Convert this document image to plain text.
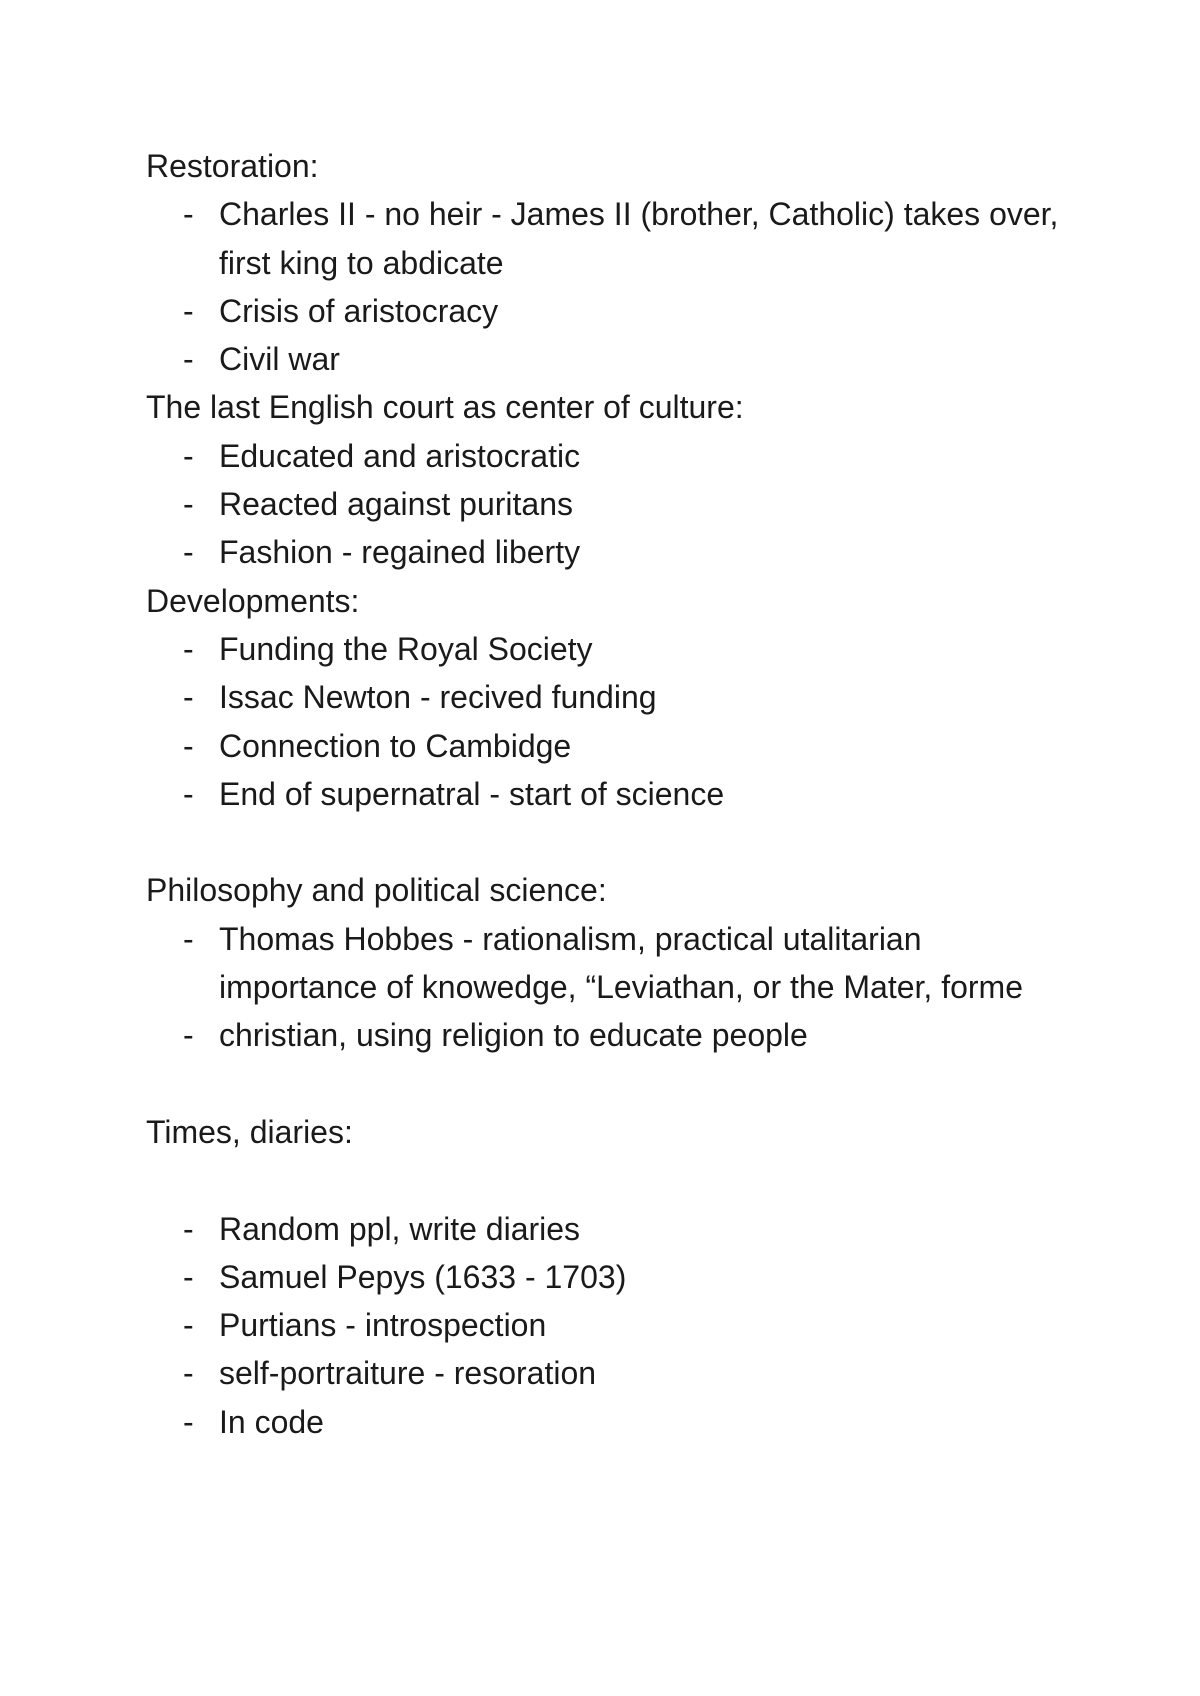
Restoration:

- Charles II - no heir - James II (brother, Catholic) takes over, first king to abdicate
- Crisis of aristocracy
- Civil war

The last English court as center of culture:

- Educated and aristocratic
- Reacted against puritans
- Fashion - regained liberty

Developments:

- Funding the Royal Society
- Issac Newton - recived funding
- Connection to Cambidge
- End of supernatral - start of science

Philosophy and political science:

- Thomas Hobbes - rationalism, practical utalitarian importance of knowedge, “Leviathan, or the Mater, forme
- christian, using religion to educate people

Times, diaries:

- Random ppl, write diaries
- Samuel Pepys (1633 - 1703)
- Purtians - introspection
- self-portraiture - resoration
- In code
